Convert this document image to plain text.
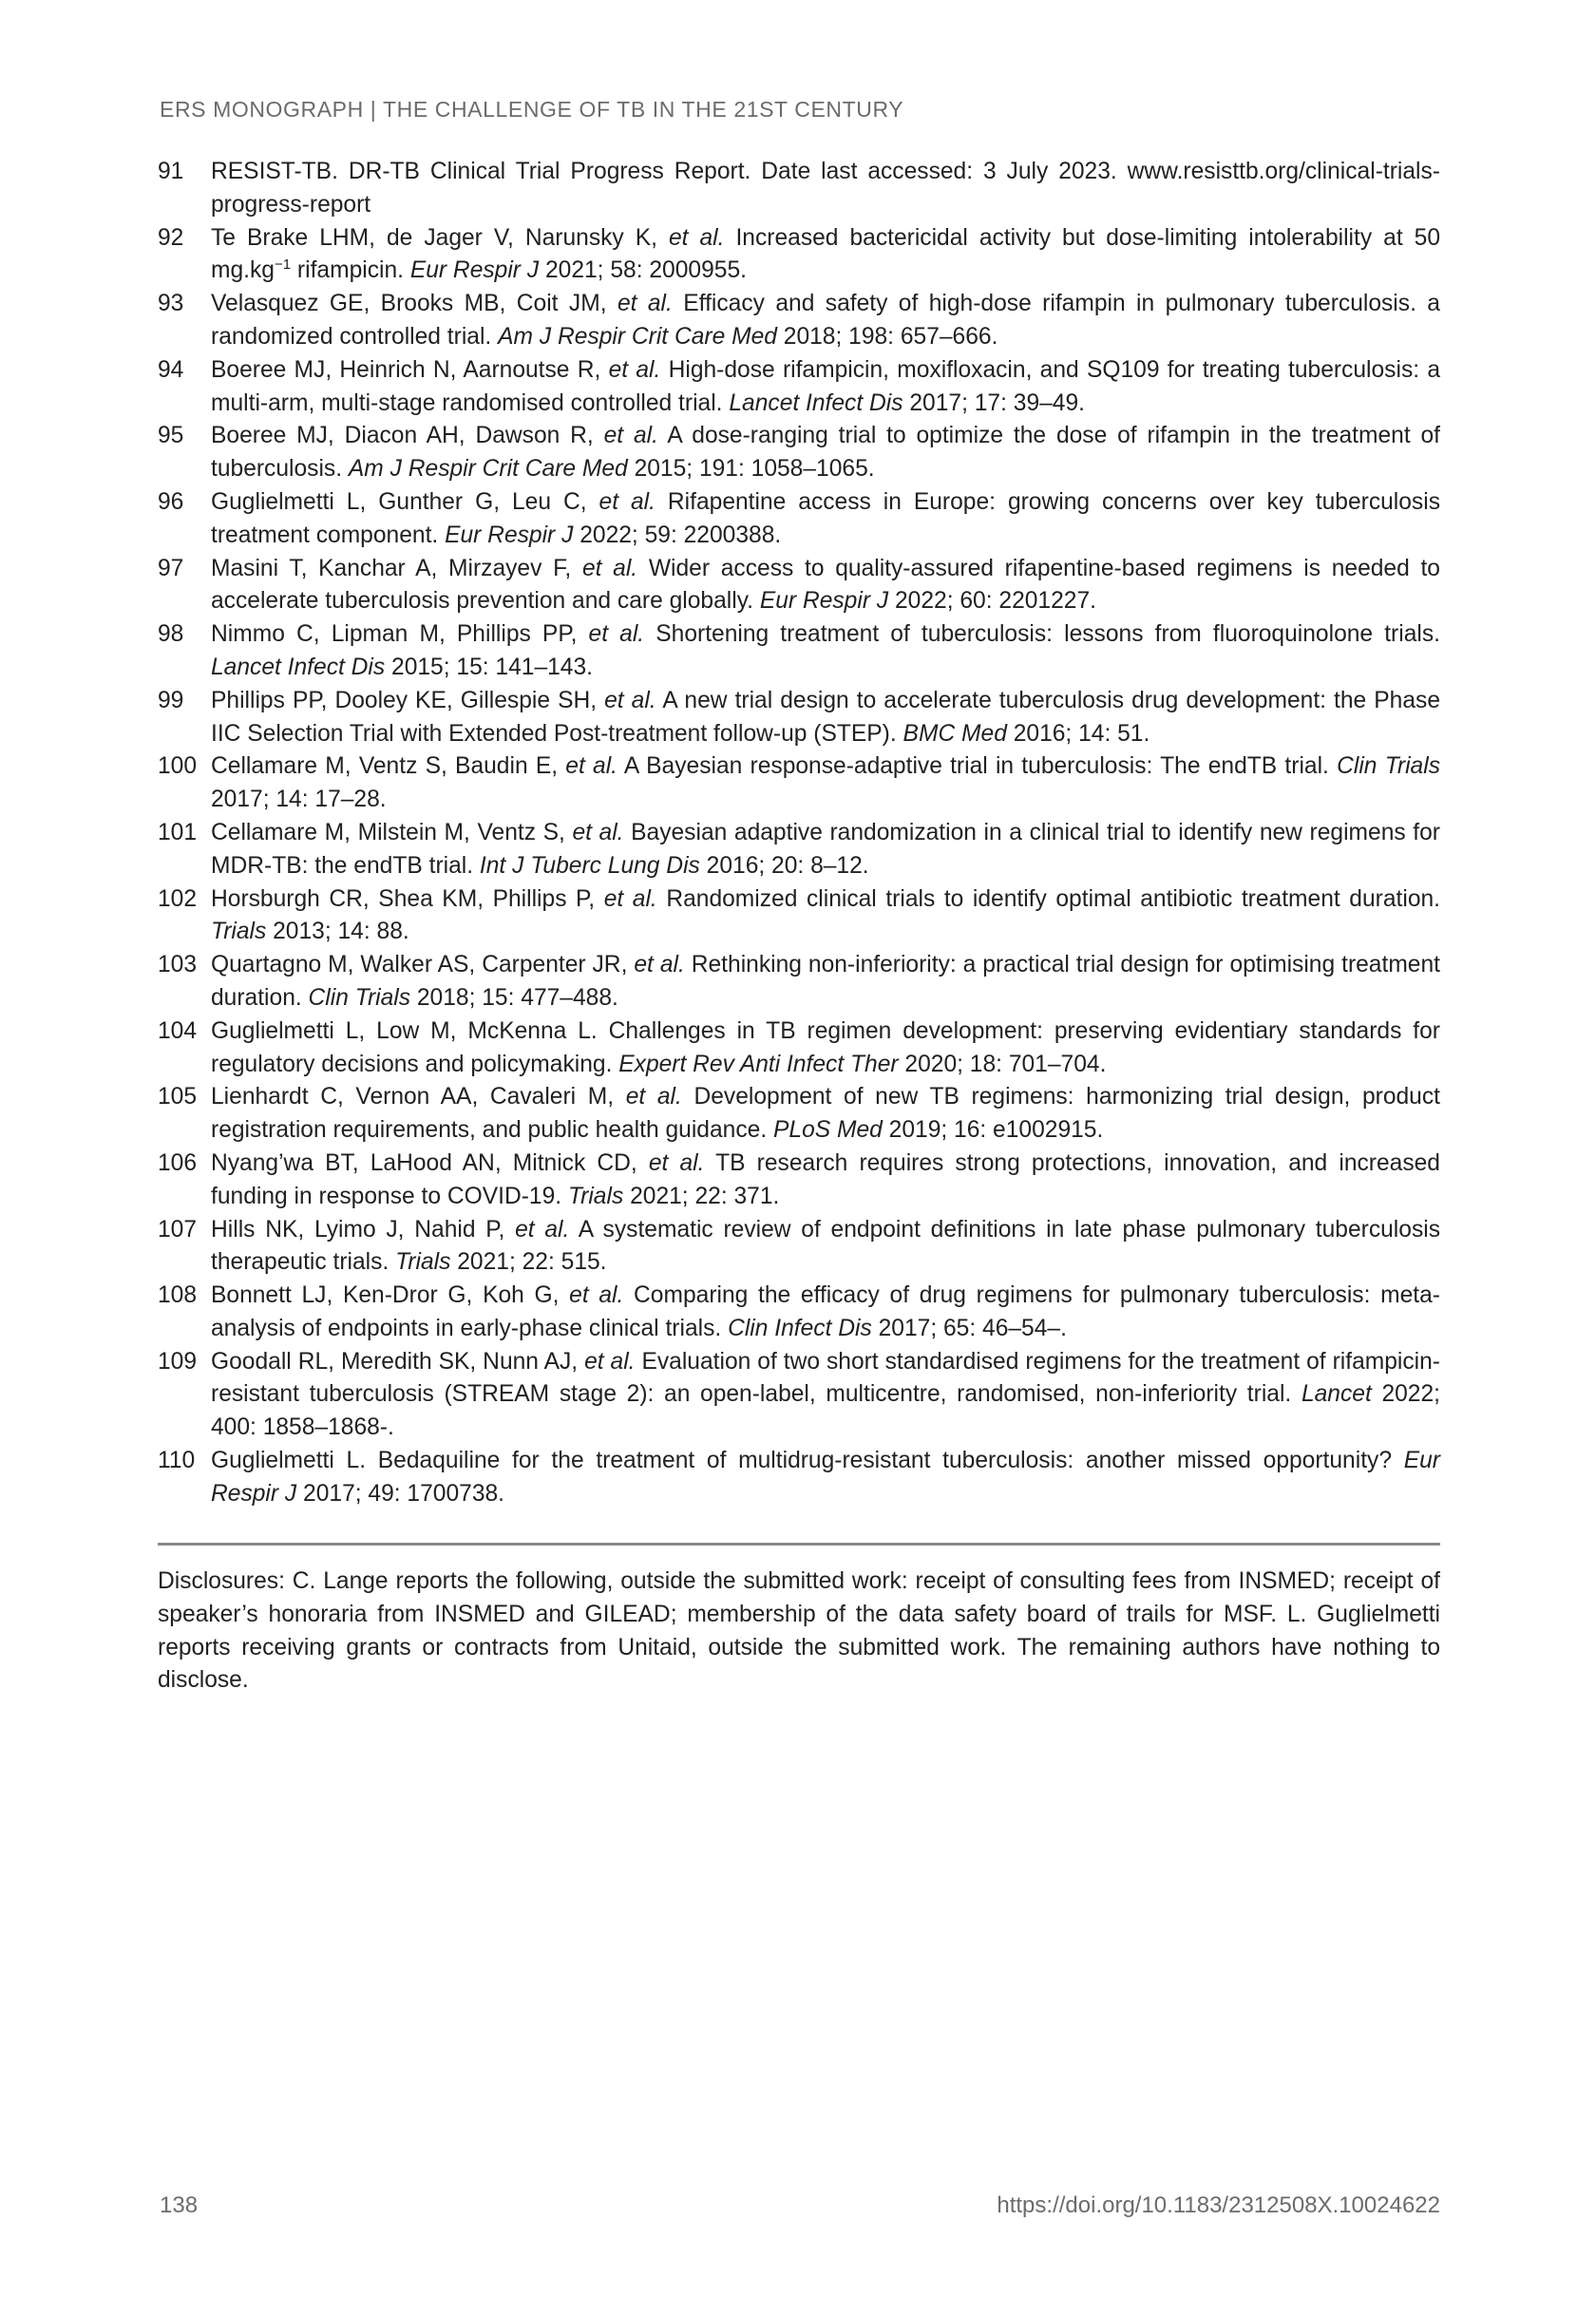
ERS MONOGRAPH | THE CHALLENGE OF TB IN THE 21ST CENTURY
91 RESIST-TB. DR-TB Clinical Trial Progress Report. Date last accessed: 3 July 2023. www.resisttb.org/clinical-trials-progress-report
92 Te Brake LHM, de Jager V, Narunsky K, et al. Increased bactericidal activity but dose-limiting intolerability at 50 $mg.kg^{-1}$ rifampicin. Eur Respir J 2021; 58: 2000955.
93 Velasquez GE, Brooks MB, Coit JM, et al. Efficacy and safety of high-dose rifampin in pulmonary tuberculosis. a randomized controlled trial. Am J Respir Crit Care Med 2018; 198: 657–666.
94 Boeree MJ, Heinrich N, Aarnoutse R, et al. High-dose rifampicin, moxifloxacin, and SQ109 for treating tuberculosis: a multi-arm, multi-stage randomised controlled trial. Lancet Infect Dis 2017; 17: 39–49.
95 Boeree MJ, Diacon AH, Dawson R, et al. A dose-ranging trial to optimize the dose of rifampin in the treatment of tuberculosis. Am J Respir Crit Care Med 2015; 191: 1058–1065.
96 Guglielmetti L, Gunther G, Leu C, et al. Rifapentine access in Europe: growing concerns over key tuberculosis treatment component. Eur Respir J 2022; 59: 2200388.
97 Masini T, Kanchar A, Mirzayev F, et al. Wider access to quality-assured rifapentine-based regimens is needed to accelerate tuberculosis prevention and care globally. Eur Respir J 2022; 60: 2201227.
98 Nimmo C, Lipman M, Phillips PP, et al. Shortening treatment of tuberculosis: lessons from fluoroquinolone trials. Lancet Infect Dis 2015; 15: 141–143.
99 Phillips PP, Dooley KE, Gillespie SH, et al. A new trial design to accelerate tuberculosis drug development: the Phase IIC Selection Trial with Extended Post-treatment follow-up (STEP). BMC Med 2016; 14: 51.
100 Cellamare M, Ventz S, Baudin E, et al. A Bayesian response-adaptive trial in tuberculosis: The endTB trial. Clin Trials 2017; 14: 17–28.
101 Cellamare M, Milstein M, Ventz S, et al. Bayesian adaptive randomization in a clinical trial to identify new regimens for MDR-TB: the endTB trial. Int J Tuberc Lung Dis 2016; 20: 8–12.
102 Horsburgh CR, Shea KM, Phillips P, et al. Randomized clinical trials to identify optimal antibiotic treatment duration. Trials 2013; 14: 88.
103 Quartagno M, Walker AS, Carpenter JR, et al. Rethinking non-inferiority: a practical trial design for optimising treatment duration. Clin Trials 2018; 15: 477–488.
104 Guglielmetti L, Low M, McKenna L. Challenges in TB regimen development: preserving evidentiary standards for regulatory decisions and policymaking. Expert Rev Anti Infect Ther 2020; 18: 701–704.
105 Lienhardt C, Vernon AA, Cavaleri M, et al. Development of new TB regimens: harmonizing trial design, product registration requirements, and public health guidance. PLoS Med 2019; 16: e1002915.
106 Nyang’wa BT, LaHood AN, Mitnick CD, et al. TB research requires strong protections, innovation, and increased funding in response to COVID-19. Trials 2021; 22: 371.
107 Hills NK, Lyimo J, Nahid P, et al. A systematic review of endpoint definitions in late phase pulmonary tuberculosis therapeutic trials. Trials 2021; 22: 515.
108 Bonnett LJ, Ken-Dror G, Koh G, et al. Comparing the efficacy of drug regimens for pulmonary tuberculosis: meta-analysis of endpoints in early-phase clinical trials. Clin Infect Dis 2017; 65: 46–54–.
109 Goodall RL, Meredith SK, Nunn AJ, et al. Evaluation of two short standardised regimens for the treatment of rifampicin-resistant tuberculosis (STREAM stage 2): an open-label, multicentre, randomised, non-inferiority trial. Lancet 2022; 400: 1858–1868-.
110 Guglielmetti L. Bedaquiline for the treatment of multidrug-resistant tuberculosis: another missed opportunity? Eur Respir J 2017; 49: 1700738.
Disclosures: C. Lange reports the following, outside the submitted work: receipt of consulting fees from INSMED; receipt of speaker’s honoraria from INSMED and GILEAD; membership of the data safety board of trails for MSF. L. Guglielmetti reports receiving grants or contracts from Unitaid, outside the submitted work. The remaining authors have nothing to disclose.
138	https://doi.org/10.1183/2312508X.10024622
